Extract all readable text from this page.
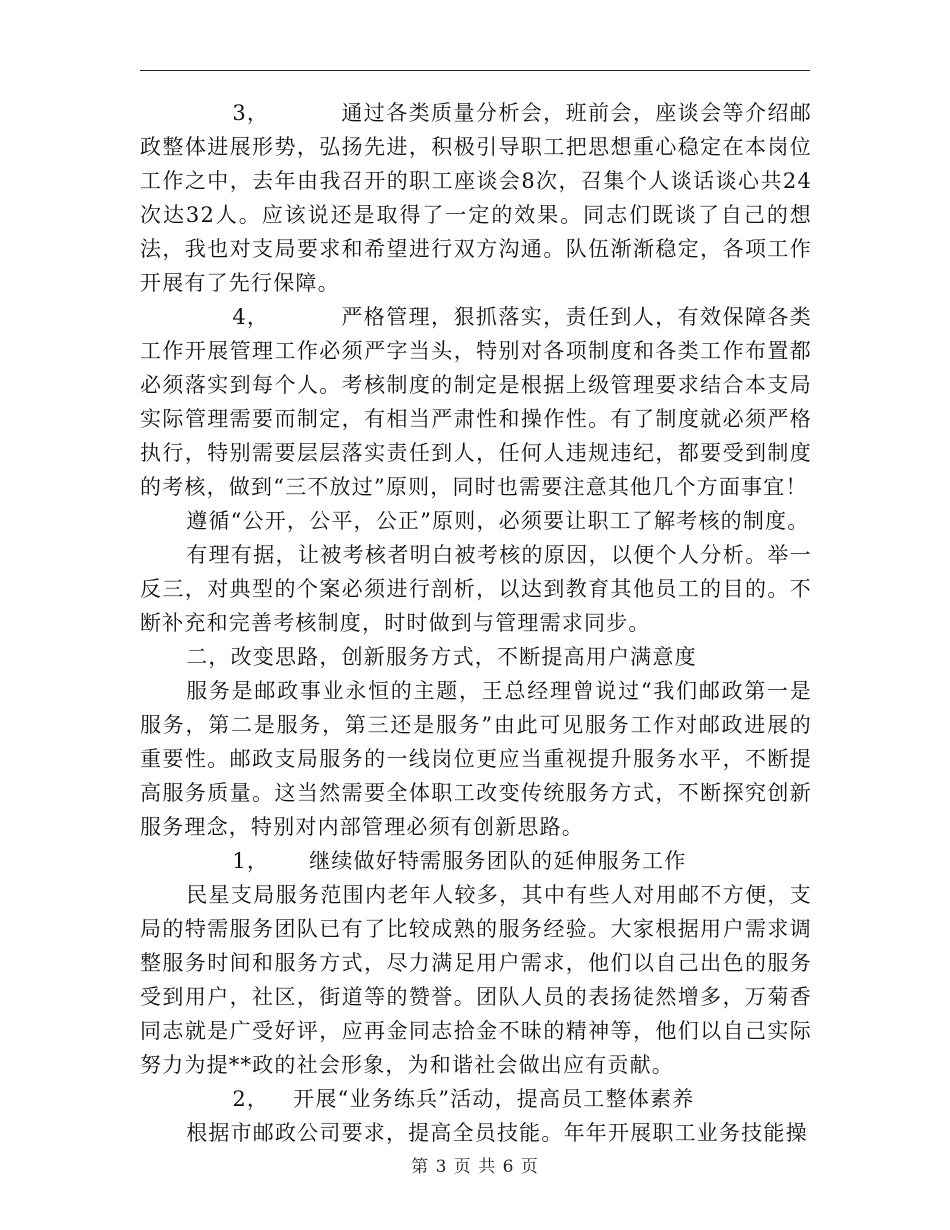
3，	通过各类质量分析会，班前会，座谈会等介绍邮政整体进展形势，弘扬先进，积极引导职工把思想重心稳定在本岗位工作之中，去年由我召开的职工座谈会8次，召集个人谈话谈心共24次达32人。应该说还是取得了一定的效果。同志们既谈了自己的想法，我也对支局要求和希望进行双方沟通。队伍渐渐稳定，各项工作开展有了先行保障。

4，	严格管理，狠抓落实，责任到人，有效保障各类工作开展管理工作必须严字当头，特别对各项制度和各类工作布置都必须落实到每个人。考核制度的制定是根据上级管理要求结合本支局实际管理需要而制定，有相当严肃性和操作性。有了制度就必须严格执行，特别需要层层落实责任到人，任何人违规违纪，都要受到制度的考核，做到“三不放过”原则，同时也需要注意其他几个方面事宜！

遵循“公开，公平，公正”原则，必须要让职工了解考核的制度。

有理有据，让被考核者明白被考核的原因，以便个人分析。举一反三，对典型的个案必须进行剖析，以达到教育其他员工的目的。不断补充和完善考核制度，时时做到与管理需求同步。

二，改变思路，创新服务方式，不断提高用户满意度

服务是邮政事业永恒的主题，王总经理曾说过“我们邮政第一是服务，第二是服务，第三还是服务”由此可见服务工作对邮政进展的重要性。邮政支局服务的一线岗位更应当重视提升服务水平，不断提高服务质量。这当然需要全体职工改变传统服务方式，不断探究创新服务理念，特别对内部管理必须有创新思路。

1， 继续做好特需服务团队的延伸服务工作

民星支局服务范围内老年人较多，其中有些人对用邮不方便，支局的特需服务团队已有了比较成熟的服务经验。大家根据用户需求调整服务时间和服务方式，尽力满足用户需求，他们以自己出色的服务受到用户，社区，街道等的赞誉。团队人员的表扬徒然增多，万菊香同志就是广受好评，应再金同志拾金不昧的精神等，他们以自己实际努力为提**政的社会形象，为和谐社会做出应有贡献。

2， 开展“业务练兵”活动，提高员工整体素养

根据市邮政公司要求，提高全员技能。年年开展职工业务技能操

第 3 页 共 6 页
